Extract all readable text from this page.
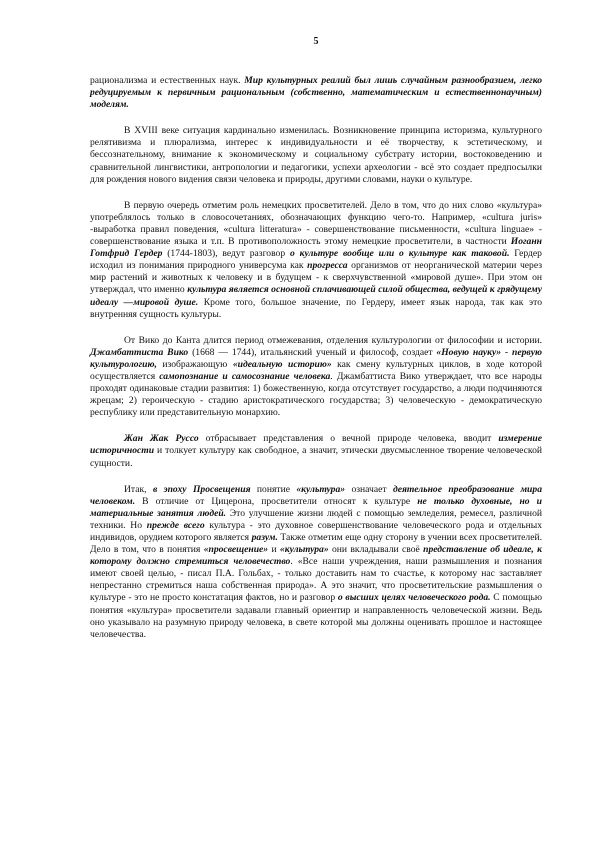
5

рационализма и естественных наук. Мир культурных реалий был лишь случайным разнообразием, легко редуцируемым к первичным рациональным (собственно, математическим и естественнонаучным) моделям.

В XVIII веке ситуация кардинально изменилась. Возникновение принципа историзма, культурного релятивизма и плюрализма, интерес к индивидуальности и её творчеству, к эстетическому, и бессознательному, внимание к экономическому и социальному субстрату истории, востоковедению и сравнительной лингвистики, антропологии и педагогики, успехи археологии - всё это создает предпосылки для рождения нового видения связи человека и природы, другими словами, науки о культуре.

В первую очередь отметим роль немецких просветителей. Дело в том, что до них слово «культура» употреблялось только в словосочетаниях, обозначающих функцию чего-то. Например, «cultura juris» -выработка правил поведения, «cultura litteratura» - совершенствование письменности, «cultura linguae» - совершенствование языка и т.п. В противоположность этому немецкие просветители, в частности Иоганн Готфрид Гердер (1744-1803), ведут разговор о культуре вообще или о культуре как таковой. Гердер исходил из понимания природного универсума как прогресса организмов от неорганической материи через мир растений и животных к человеку и в будущем - к сверхчувственной «мировой душе». При этом он утверждал, что именно культура является основной сплачивающей силой общества, ведущей к грядущему идеалу —мировой душе. Кроме того, большое значение, по Гердеру, имеет язык народа, так как это внутренняя сущность культуры.

От Вико до Канта длится период отмежевания, отделения культурологии от философии и истории. Джамбаттиста Вико (1668 — 1744), итальянский ученый и философ, создает «Новую науку» - первую культурологию, изображающую «идеальную историю» как смену культурных циклов, в ходе которой осуществляется самопознание и самосознание человека. Джамбаттиста Вико утверждает, что все народы проходят одинаковые стадии развития: 1) божественную, когда отсутствует государство, а люди подчиняются жрецам; 2) героическую - стадию аристократического государства; 3) человеческую - демократическую республику или представительную монархию.

Жан Жак Руссо отбрасывает представления о вечной природе человека, вводит измерение историчности и толкует культуру как свободное, а значит, этически двусмысленное творение человеческой сущности.

Итак, в эпоху Просвещения понятие «культура» означает деятельное преобразование мира человеком. В отличие от Цицерона, просветители относят к культуре не только духовные, но и материальные занятия людей. Это улучшение жизни людей с помощью земледелия, ремесел, различной техники. Но прежде всего культура - это духовное совершенствование человеческого рода и отдельных индивидов, орудием которого является разум. Также отметим еще одну сторону в учении всех просветителей. Дело в том, что в понятия «просвещение» и «культура» они вкладывали своё представление об идеале, к которому должно стремиться человечество. «Все наши учреждения, наши размышления и познания имеют своей целью, - писал П.А. Гольбах, - только доставить нам то счастье, к которому нас заставляет непрестанно стремиться наша собственная природа». А это значит, что просветительские размышления о культуре - это не просто констатация фактов, но и разговор о высших целях человеческого рода. С помощью понятия «культура» просветители задавали главный ориентир и направленность человеческой жизни. Ведь оно указывало на разумную природу человека, в свете которой мы должны оценивать прошлое и настоящее человечества.
